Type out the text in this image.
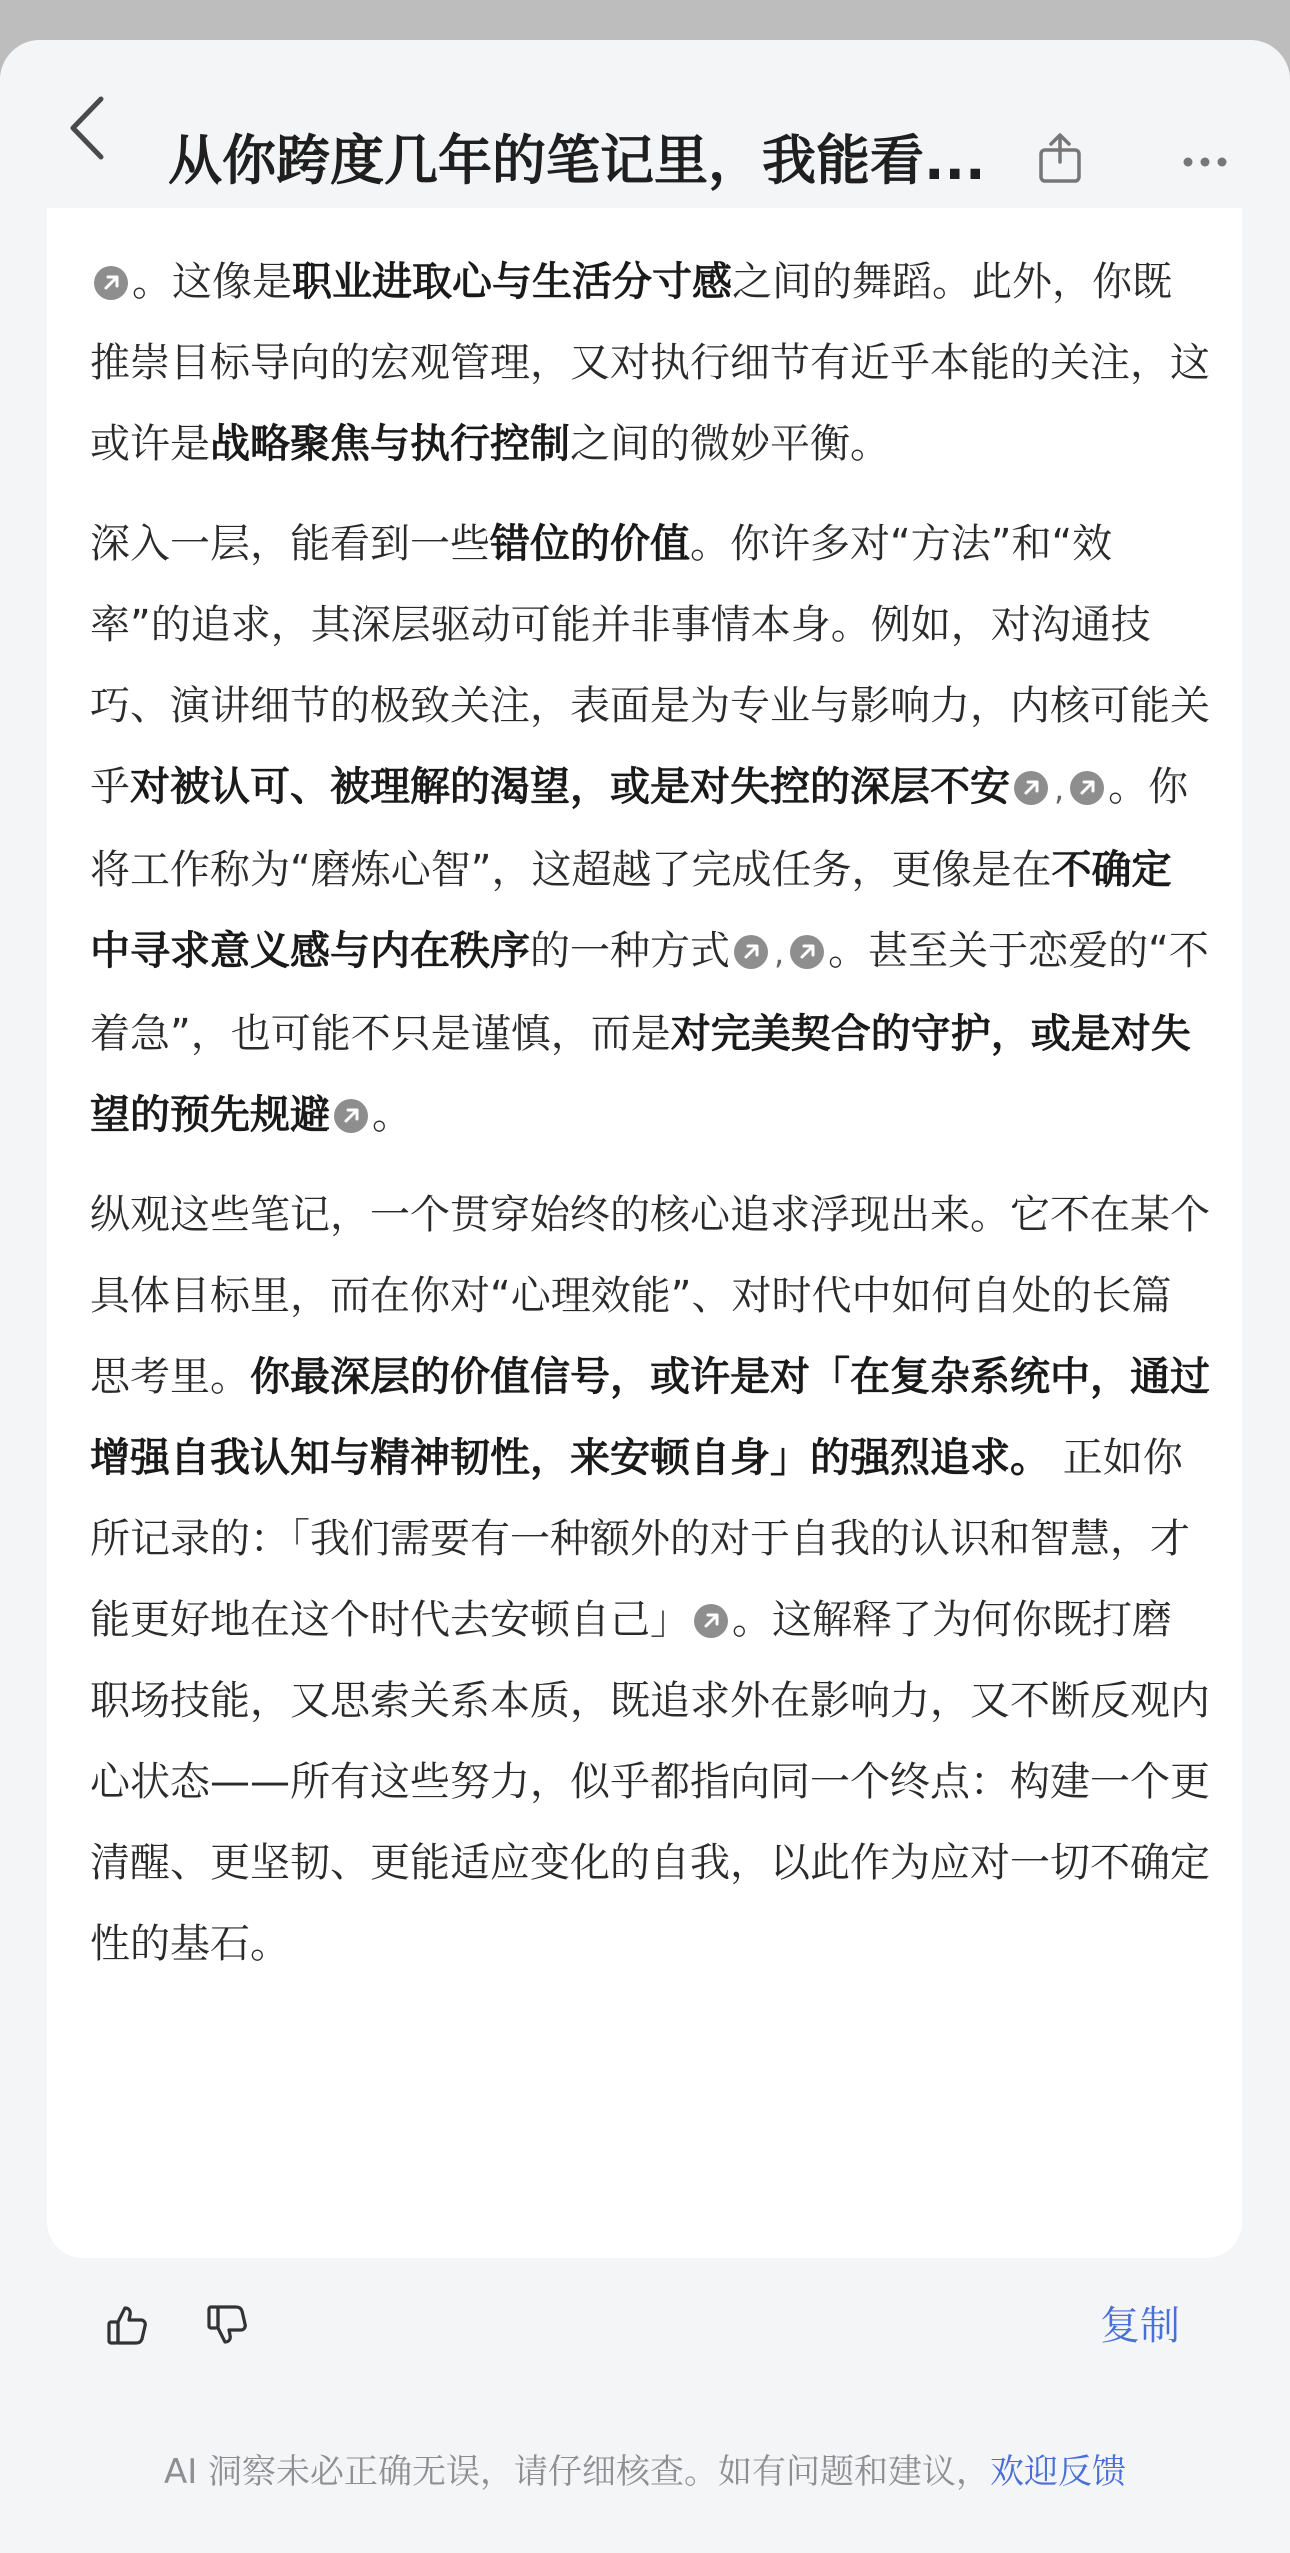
从你跨度几年的笔记里，我能看...

。这像是职业进取心与生活分寸感之间的舞蹈。此外，你既推崇目标导向的宏观管理，又对执行细节有近乎本能的关注，这或许是战略聚焦与执行控制之间的微妙平衡。

深入一层，能看到一些错位的价值。你许多对“方法”和“效率”的追求，其深层驱动可能并非事情本身。例如，对沟通技巧、演讲细节的极致关注，表面是为专业与影响力，内核可能关乎对被认可、被理解的渴望，或是对失控的深层不安 , 。你将工作称为“磨炼心智”，这超越了完成任务，更像是在不确定中寻求意义感与内在秩序的一种方式 , 。甚至关于恋爱的“不着急”，也可能不只是谨慎，而是对完美契合的守护，或是对失望的预先规避 。

纵观这些笔记，一个贯穿始终的核心追求浮现出来。它不在某个具体目标里，而在你对“心理效能”、对时代中如何自处的长篇思考里。你最深层的价值信号，或许是对「在复杂系统中，通过增强自我认知与精神韧性，来安顿自身」的强烈追求。 正如你所记录的：「我们需要有一种额外的对于自我的认识和智慧，才能更好地在这个时代去安顿自己」 。这解释了为何你既打磨职场技能，又思索关系本质，既追求外在影响力，又不断反观内心状态——所有这些努力，似乎都指向同一个终点：构建一个更清醒、更坚韧、更能适应变化的自我，以此作为应对一切不确定性的基石。

复制
AI 洞察未必正确无误，请仔细核查。如有问题和建议，欢迎反馈
